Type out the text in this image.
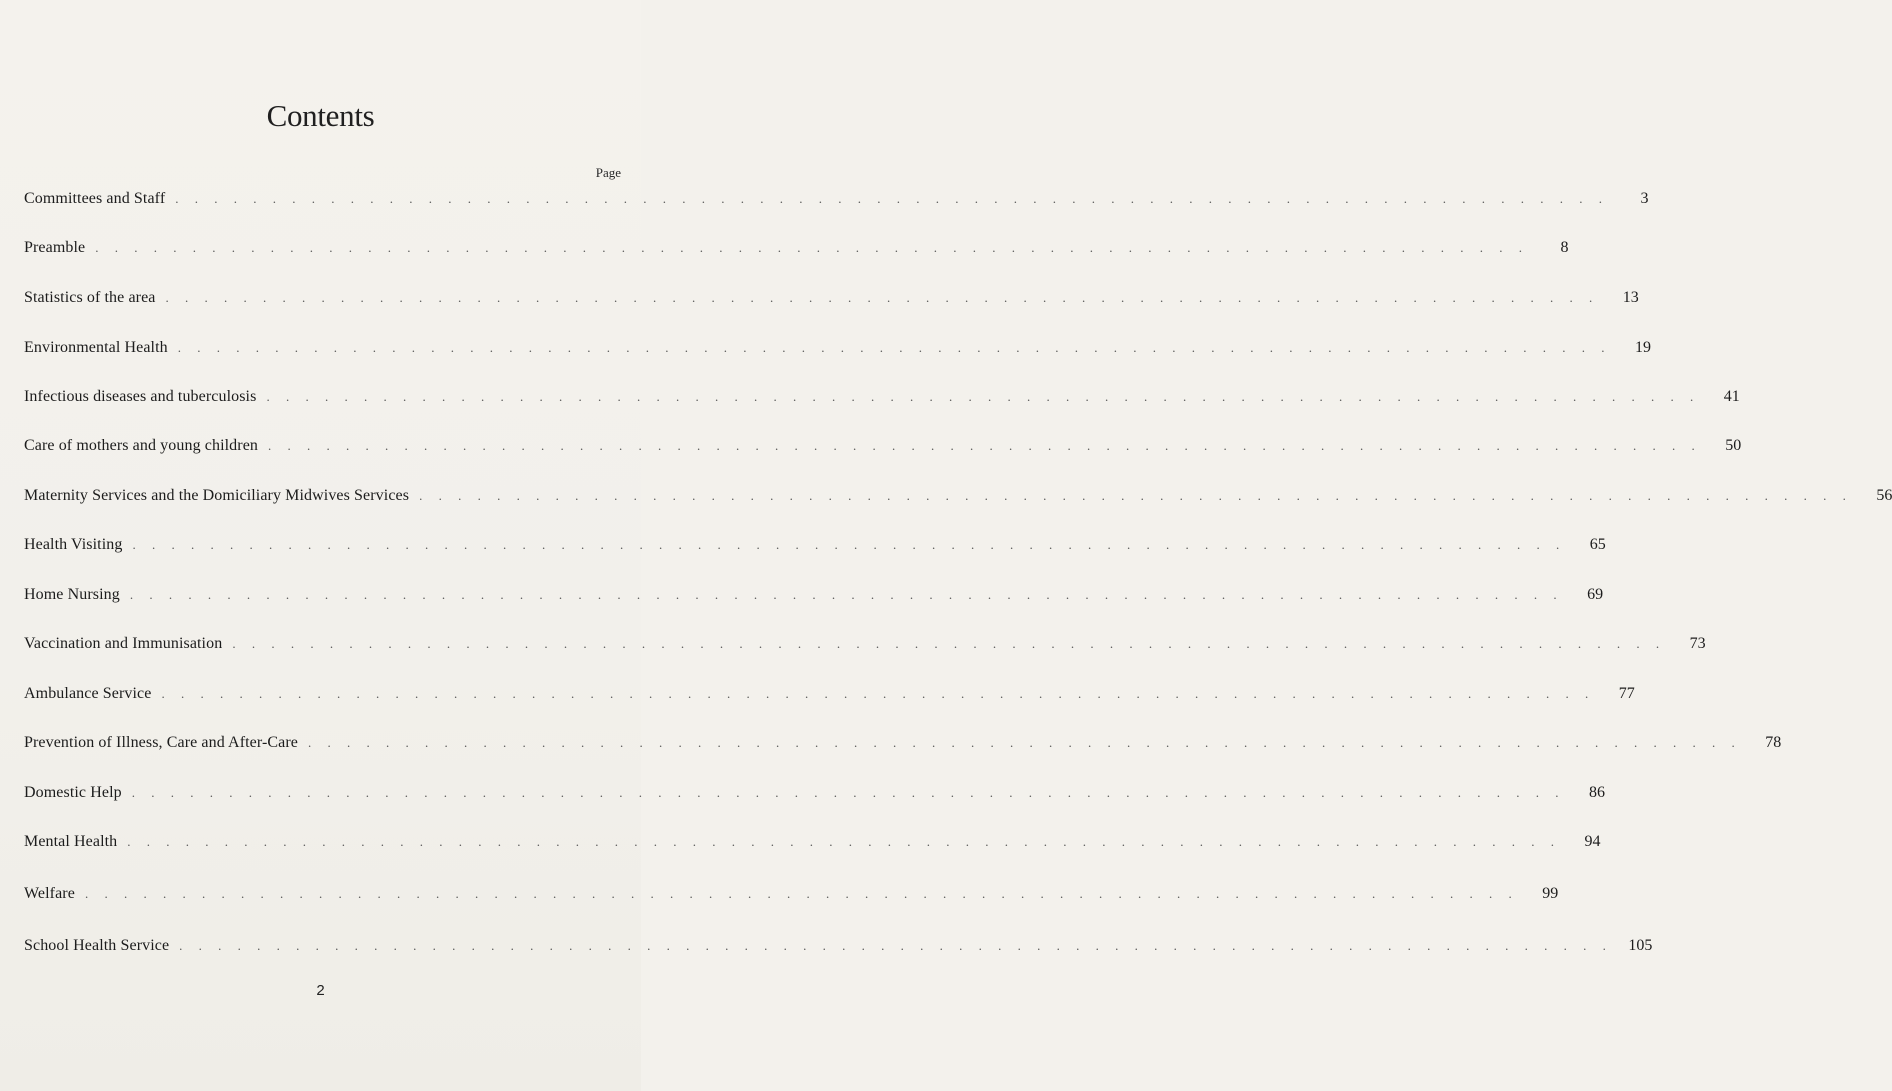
Contents
Page
Committees and Staff . . . . . . . . . . . . . . . . . . . . . . . . . . . . . . . . . . . . . . . . . . . . . . . . . . . . . . . . . . . . . . . . . . . . . . . . . .	3
Preamble . . . . . . . . . . . . . . . . . . . . . . . . . . . . . . . . . . . . . . . . . . . . . . . . . . . . . . . . . . . . . . . . . . . . . . . . . .	8
Statistics of the area . . . . . . . . . . . . . . . . . . . . . . . . . . . . . . . . . . . . . . . . . . . . . . . . . . . . . . . . . . . . . . . . . . . . . . . . . .	13
Environmental Health . . . . . . . . . . . . . . . . . . . . . . . . . . . . . . . . . . . . . . . . . . . . . . . . . . . . . . . . . . . . . . . . . . . . . . . . . .	19
Infectious diseases and tuberculosis . . . . . . . . . . . . . . . . . . . . . . . . . . . . . . . . . . . . . . . . . . . . . . . . . . . . . . . . . . . . . . . . . . . . . . . . . .	41
Care of mothers and young children . . . . . . . . . . . . . . . . . . . . . . . . . . . . . . . . . . . . . . . . . . . . . . . . . . . . . . . . . . . . . . . . . . . . . . . . . .	50
Maternity Services and the Domiciliary Midwives Services . . . . . . . . . . . . . . . . . . . . . . . . . . . . . . . . . . . . . . . . . . . . . . . . . . . . . . . . . . . . . . . . . . . . . . . . . .	56
Health Visiting . . . . . . . . . . . . . . . . . . . . . . . . . . . . . . . . . . . . . . . . . . . . . . . . . . . . . . . . . . . . . . . . . . . . . . . . . .	65
Home Nursing . . . . . . . . . . . . . . . . . . . . . . . . . . . . . . . . . . . . . . . . . . . . . . . . . . . . . . . . . . . . . . . . . . . . . . . . . .	69
Vaccination and Immunisation . . . . . . . . . . . . . . . . . . . . . . . . . . . . . . . . . . . . . . . . . . . . . . . . . . . . . . . . . . . . . . . . . . . . . . . . . .	73
Ambulance Service . . . . . . . . . . . . . . . . . . . . . . . . . . . . . . . . . . . . . . . . . . . . . . . . . . . . . . . . . . . . . . . . . . . . . . . . . .	77
Prevention of Illness, Care and After-Care . . . . . . . . . . . . . . . . . . . . . . . . . . . . . . . . . . . . . . . . . . . . . . . . . . . . . . . . . . . . . . . . . . . . . . . . . .	78
Domestic Help . . . . . . . . . . . . . . . . . . . . . . . . . . . . . . . . . . . . . . . . . . . . . . . . . . . . . . . . . . . . . . . . . . . . . . . . . .	86
Mental Health . . . . . . . . . . . . . . . . . . . . . . . . . . . . . . . . . . . . . . . . . . . . . . . . . . . . . . . . . . . . . . . . . . . . . . . . . .	94
Welfare . . . . . . . . . . . . . . . . . . . . . . . . . . . . . . . . . . . . . . . . . . . . . . . . . . . . . . . . . . . . . . . . . . . . . . . . . .	99
School Health Service . . . . . . . . . . . . . . . . . . . . . . . . . . . . . . . . . . . . . . . . . . . . . . . . . . . . . . . . . . . . . . . . . . . . . . . . . .	105
2
